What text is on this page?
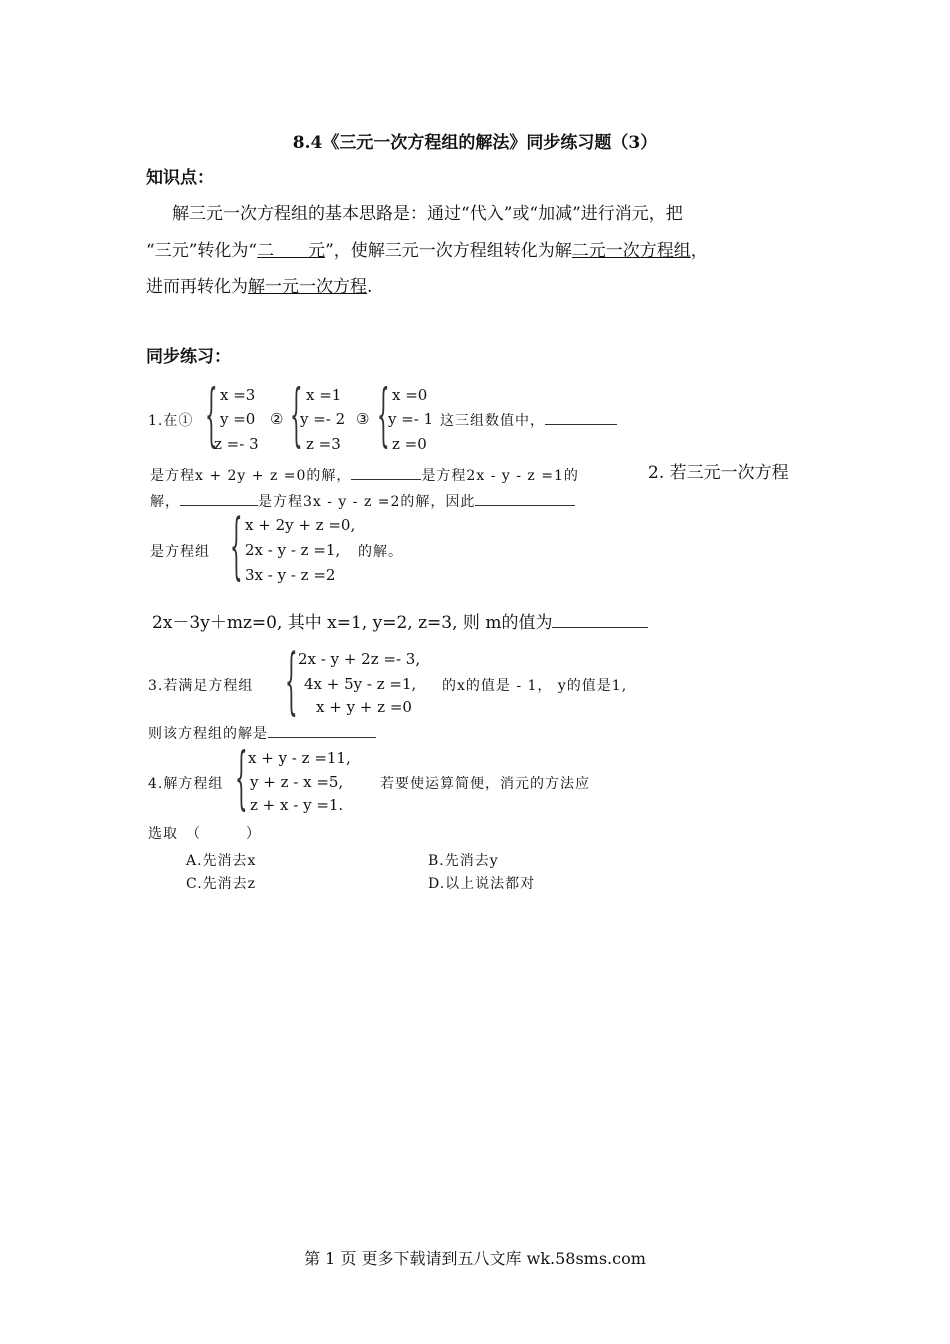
8.4《三元一次方程组的解法》同步练习题（3）
知识点：
解三元一次方程组的基本思路是：通过“代入”或“加减”进行消元，把
“三元”转化为“二　　元”，使解三元一次方程组转化为解二元一次方程组，
进而再转化为解一元一次方程.
同步练习：
1.在① { x =3
y =0
z =- 3
② { x =1
y =- 2
z =3
③ { x =0
y =- 1
z =0
这三组数值中，
是方程x + 2y + z =0的解，	是方程2x - y - z =1的	2. 若三元一次方程
解，	是方程3x - y - z =2的解，因此
是方程组 { x + 2y + z =0,
2x - y - z =1,
3x - y - z =2
的解。
2x－3y＋mz=0, 其中 x=1, y=2, z=3, 则 m的值为
3.若满足方程组 { 2x - y + 2z =- 3,
4x + 5y - z =1,
x + y + z =0
的x的值是 - 1， y的值是1,
则该方程组的解是
4.解方程组 { x + y - z =11,
y + z - x =5,
z + x - y =1.
若要使运算简便，消元的方法应
选取　（　　　）
A.先消去x	B.先消去y
C.先消去z	D.以上说法都对
第 1 页 更多下载请到五八文库 wk.58sms.com
